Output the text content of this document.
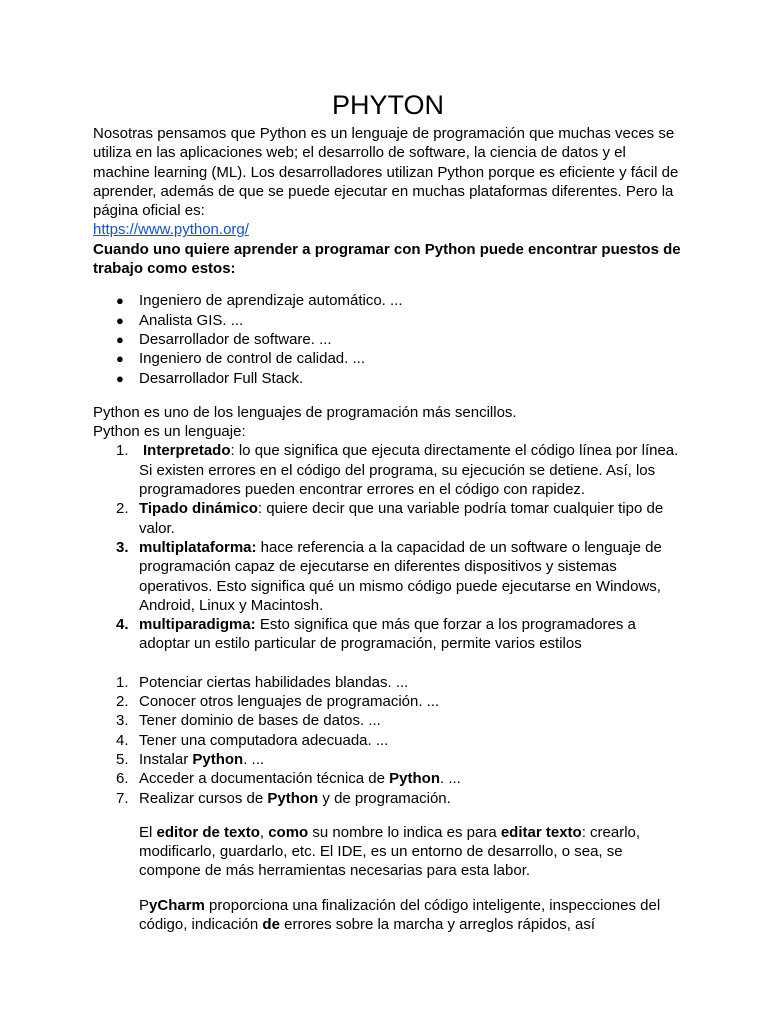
PHYTON

Nosotras pensamos que Python es un lenguaje de programación que muchas veces se utiliza en las aplicaciones web; el desarrollo de software, la ciencia de datos y el machine learning (ML). Los desarrolladores utilizan Python porque es eficiente y fácil de aprender, además de que se puede ejecutar en muchas plataformas diferentes. Pero la página oficial es:

https://www.python.org/

Cuando uno quiere aprender a programar con Python puede encontrar puestos de trabajo como estos:

● Ingeniero de aprendizaje automático. ...
● Analista GIS. ...
● Desarrollador de software. ...
● Ingeniero de control de calidad. ...
● Desarrollador Full Stack.

Python es uno de los lenguajes de programación más sencillos.

Python es un lenguaje:

1. Interpretado: lo que significa que ejecuta directamente el código línea por línea. Si existen errores en el código del programa, su ejecución se detiene. Así, los programadores pueden encontrar errores en el código con rapidez.
2. Tipado dinámico: quiere decir que una variable podría tomar cualquier tipo de valor.
3. multiplataforma: hace referencia a la capacidad de un software o lenguaje de programación capaz de ejecutarse en diferentes dispositivos y sistemas operativos. Esto significa qué un mismo código puede ejecutarse en Windows, Android, Linux y Macintosh.
4. multiparadigma: Esto significa que más que forzar a los programadores a adoptar un estilo particular de programación, permite varios estilos
1. Potenciar ciertas habilidades blandas. ...
2. Conocer otros lenguajes de programación. ...
3. Tener dominio de bases de datos. ...
4. Tener una computadora adecuada. ...
5. Instalar Python. ...
6. Acceder a documentación técnica de Python. ...
7. Realizar cursos de Python y de programación.

El editor de texto, como su nombre lo indica es para editar texto: crearlo, modificarlo, guardarlo, etc. El IDE, es un entorno de desarrollo, o sea, se compone de más herramientas necesarias para esta labor.

PyCharm proporciona una finalización del código inteligente, inspecciones del código, indicación de errores sobre la marcha y arreglos rápidos, así
